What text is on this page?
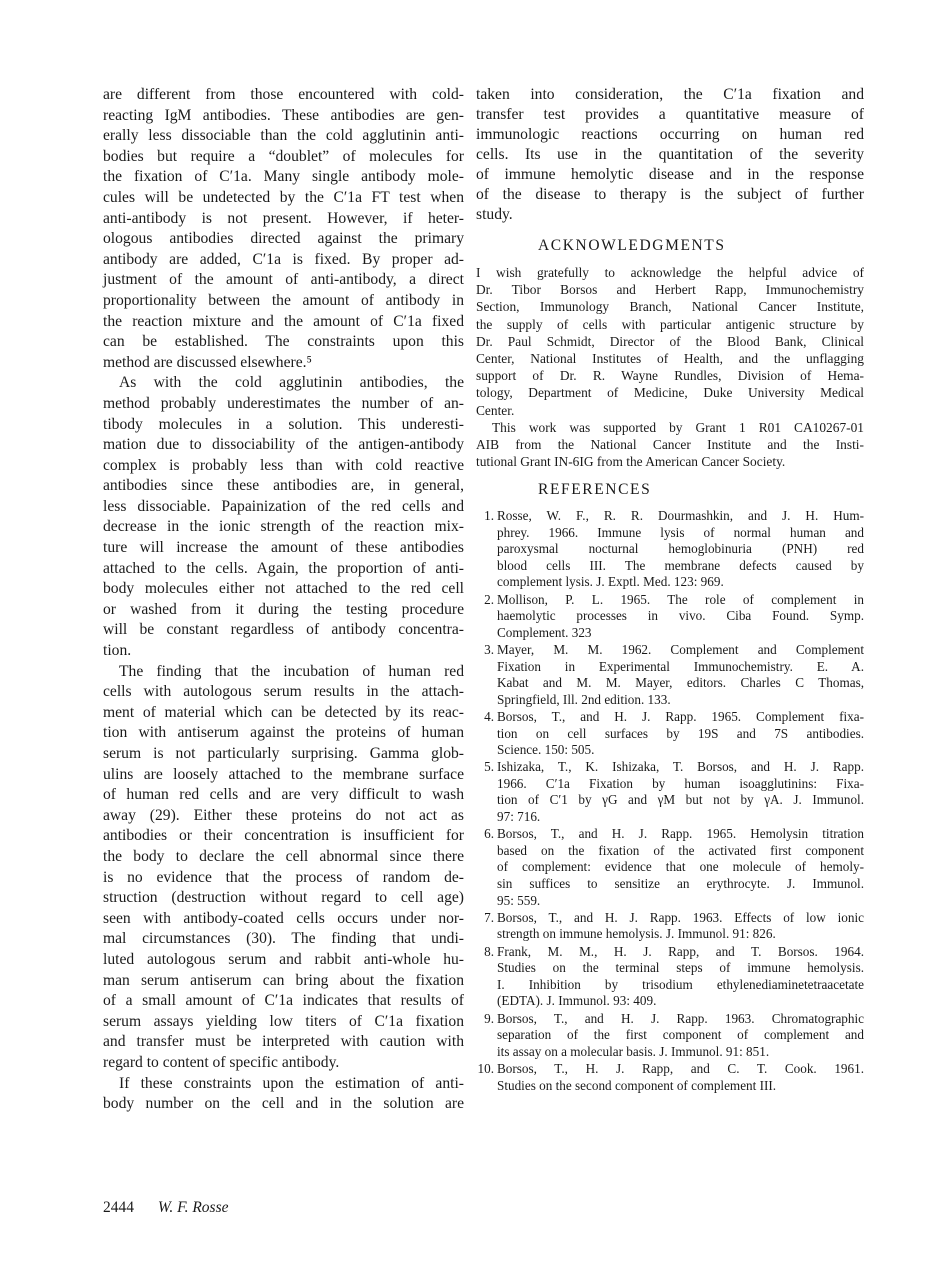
are different from those encountered with cold-
reacting IgM antibodies. These antibodies are gen-
erally less dissociable than the cold agglutinin anti-
bodies but require a “doublet” of molecules for
the fixation of C′1a. Many single antibody mole-
cules will be undetected by the C′1a FT test when
anti-antibody is not present. However, if heter-
ologous antibodies directed against the primary
antibody are added, C′1a is fixed. By proper ad-
justment of the amount of anti-antibody, a direct
proportionality between the amount of antibody in
the reaction mixture and the amount of C′1a fixed
can be established. The constraints upon this
method are discussed elsewhere.⁵
As with the cold agglutinin antibodies, the
method probably underestimates the number of an-
tibody molecules in a solution. This underesti-
mation due to dissociability of the antigen-antibody
complex is probably less than with cold reactive
antibodies since these antibodies are, in general,
less dissociable. Papainization of the red cells and
decrease in the ionic strength of the reaction mix-
ture will increase the amount of these antibodies
attached to the cells. Again, the proportion of anti-
body molecules either not attached to the red cell
or washed from it during the testing procedure
will be constant regardless of antibody concentra-
tion.
The finding that the incubation of human red
cells with autologous serum results in the attach-
ment of material which can be detected by its reac-
tion with antiserum against the proteins of human
serum is not particularly surprising. Gamma glob-
ulins are loosely attached to the membrane surface
of human red cells and are very difficult to wash
away (29). Either these proteins do not act as
antibodies or their concentration is insufficient for
the body to declare the cell abnormal since there
is no evidence that the process of random de-
struction (destruction without regard to cell age)
seen with antibody-coated cells occurs under nor-
mal circumstances (30). The finding that undi-
luted autologous serum and rabbit anti-whole hu-
man serum antiserum can bring about the fixation
of a small amount of C′1a indicates that results of
serum assays yielding low titers of C′1a fixation
and transfer must be interpreted with caution with
regard to content of specific antibody.
If these constraints upon the estimation of anti-
body number on the cell and in the solution are
taken into consideration, the C′1a fixation and
transfer test provides a quantitative measure of
immunologic reactions occurring on human red
cells. Its use in the quantitation of the severity
of immune hemolytic disease and in the response
of the disease to therapy is the subject of further
study.
ACKNOWLEDGMENTS
I wish gratefully to acknowledge the helpful advice of
Dr. Tibor Borsos and Herbert Rapp, Immunochemistry
Section, Immunology Branch, National Cancer Institute,
the supply of cells with particular antigenic structure by
Dr. Paul Schmidt, Director of the Blood Bank, Clinical
Center, National Institutes of Health, and the unflagging
support of Dr. R. Wayne Rundles, Division of Hema-
tology, Department of Medicine, Duke University Medical
Center.
This work was supported by Grant 1 R01 CA10267-01
AIB from the National Cancer Institute and the Insti-
tutional Grant IN-6IG from the American Cancer Society.
REFERENCES
1. Rosse, W. F., R. R. Dourmashkin, and J. H. Hum-
phrey. 1966. Immune lysis of normal human and
paroxysmal nocturnal hemoglobinuria (PNH) red
blood cells III. The membrane defects caused by
complement lysis. J. Exptl. Med. 123: 969.
2. Mollison, P. L. 1965. The role of complement in
haemolytic processes in vivo. Ciba Found. Symp.
Complement. 323
3. Mayer, M. M. 1962. Complement and Complement
Fixation in Experimental Immunochemistry. E. A.
Kabat and M. M. Mayer, editors. Charles C Thomas,
Springfield, Ill. 2nd edition. 133.
4. Borsos, T., and H. J. Rapp. 1965. Complement fixa-
tion on cell surfaces by 19S and 7S antibodies.
Science. 150: 505.
5. Ishizaka, T., K. Ishizaka, T. Borsos, and H. J. Rapp.
1966. C′1a Fixation by human isoagglutinins: Fixa-
tion of C′1 by γG and γM but not by γA. J. Immunol.
97: 716.
6. Borsos, T., and H. J. Rapp. 1965. Hemolysin titration
based on the fixation of the activated first component
of complement: evidence that one molecule of hemoly-
sin suffices to sensitize an erythrocyte. J. Immunol.
95: 559.
7. Borsos, T., and H. J. Rapp. 1963. Effects of low ionic
strength on immune hemolysis. J. Immunol. 91: 826.
8. Frank, M. M., H. J. Rapp, and T. Borsos. 1964.
Studies on the terminal steps of immune hemolysis.
I. Inhibition by trisodium ethylenediaminetetraacetate
(EDTA). J. Immunol. 93: 409.
9. Borsos, T., and H. J. Rapp. 1963. Chromatographic
separation of the first component of complement and
its assay on a molecular basis. J. Immunol. 91: 851.
10. Borsos, T., H. J. Rapp, and C. T. Cook. 1961.
Studies on the second component of complement III.
2444 W. F. Rosse
